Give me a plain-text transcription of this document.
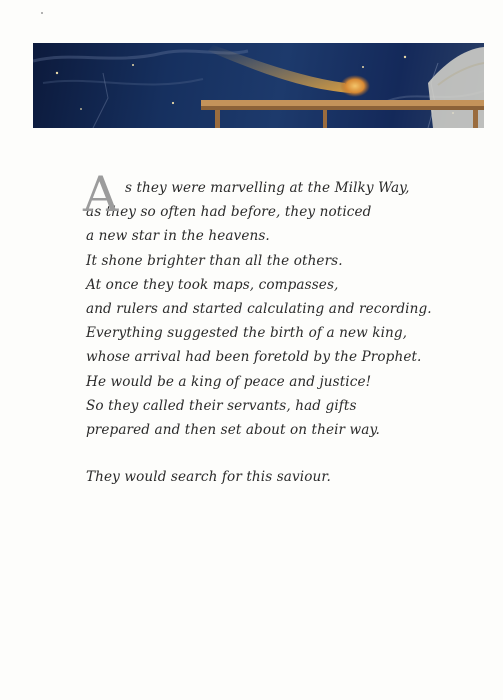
A s they were marvelling at the Milky Way,
as they so often had before, they noticed
a new star in the heavens.
It shone brighter than all the others.
At once they took maps, compasses,
and rulers and started calculating and recording.
Everything suggested the birth of a new king,
whose arrival had been foretold by the Prophet.
He would be a king of peace and justice!
So they called their servants, had gifts
prepared and then set about on their way.
They would search for this saviour.
